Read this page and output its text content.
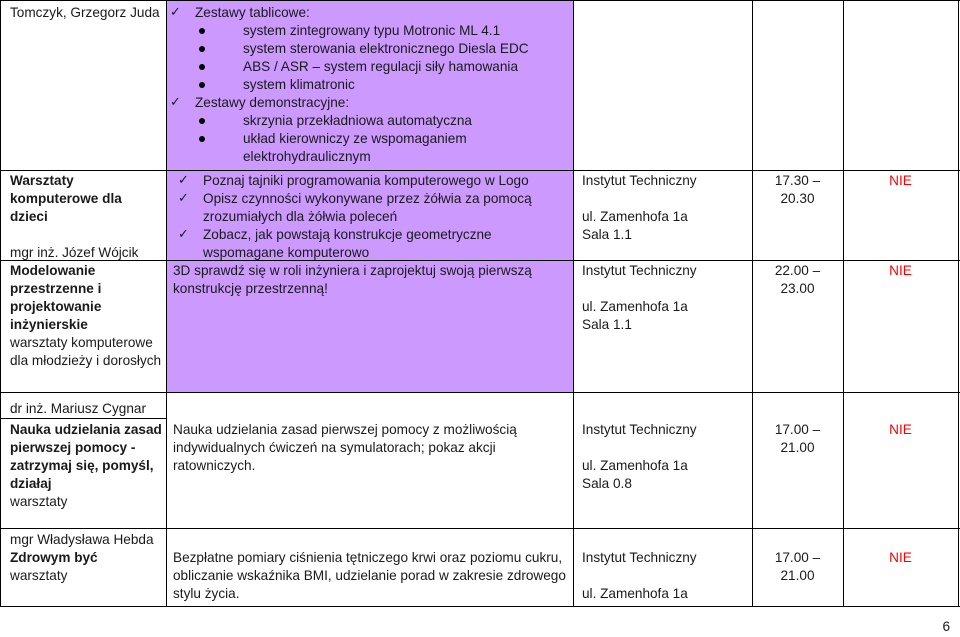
Tomczyk, Grzegorz Juda
✓	Zestawy tablicowe:
system zintegrowany typu Motronic ML 4.1
system sterowania elektronicznego Diesla EDC
ABS / ASR – system regulacji siły hamowania
system klimatronic
✓ Zestawy demonstracyjne:
skrzynia przekładniowa automatyczna
układ kierowniczy ze wspomaganiem
elektrohydraulicznym
Warsztaty komputerowe dla dzieci
mgr inż. Józef Wójcik
✓ Poznaj tajniki programowania komputerowego w Logo
✓ Opisz czynności wykonywane przez żółwia za pomocą zrozumiałych dla żółwia poleceń
✓ Zobacz, jak powstają konstrukcje geometryczne wspomagane komputerowo
Instytut Techniczny
ul. Zamenhofa 1a
Sala 1.1
17.30 –
20.30
NIE
Modelowanie przestrzenne i projektowanie inżynierskie
warsztaty komputerowe dla młodzieży i dorosłych
3D sprawdź się w roli inżyniera i zaprojektuj swoją pierwszą konstrukcję przestrzenną!
Instytut Techniczny
ul. Zamenhofa 1a
Sala 1.1
22.00 –
23.00
NIE
dr inż. Mariusz Cygnar
Nauka udzielania zasad pierwszej pomocy - zatrzymaj się, pomyśl, działaj
warsztaty
Nauka udzielania zasad pierwszej pomocy z możliwością indywidualnych ćwiczeń na symulatorach; pokaz akcji ratowniczych.
Instytut Techniczny
ul. Zamenhofa 1a
Sala 0.8
17.00 –
21.00
NIE
mgr Władysława Hebda
Zdrowym być
warsztaty
Bezpłatne pomiary ciśnienia tętniczego krwi oraz poziomu cukru, obliczanie wskaźnika BMI, udzielanie porad w zakresie zdrowego stylu życia.
Instytut Techniczny
ul. Zamenhofa 1a
17.00 –
21.00
NIE
6
